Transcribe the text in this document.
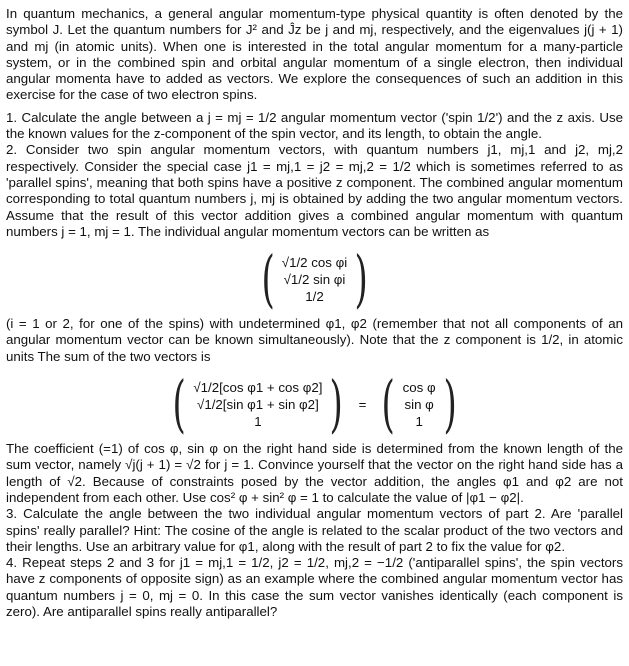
In quantum mechanics, a general angular momentum-type physical quantity is often denoted by the symbol J. Let the quantum numbers for J² and Ĵz be j and mj, respectively, and the eigenvalues j(j + 1) and mj (in atomic units). When one is interested in the total angular momentum for a many-particle system, or in the combined spin and orbital angular momentum of a single electron, then individual angular momenta have to added as vectors. We explore the consequences of such an addition in this exercise for the case of two electron spins.

1. Calculate the angle between a j = mj = 1/2 angular momentum vector ('spin 1/2') and the z axis. Use the known values for the z-component of the spin vector, and its length, to obtain the angle.

2. Consider two spin angular momentum vectors, with quantum numbers j1, mj,1 and j2, mj,2 respectively. Consider the special case j1 = mj,1 = j2 = mj,2 = 1/2 which is sometimes referred to as 'parallel spins', meaning that both spins have a positive z component. The combined angular momentum corresponding to total quantum numbers j, mj is obtained by adding the two angular momentum vectors. Assume that the result of this vector addition gives a combined angular momentum with quantum numbers j = 1, mj = 1. The individual angular momentum vectors can be written as

( √1/2 cos φi
√1/2 sin φi
1/2 )

(i = 1 or 2, for one of the spins) with undetermined φ1, φ2 (remember that not all components of an angular momentum vector can be known simultaneously). Note that the z component is 1/2, in atomic units The sum of the two vectors is

( √1/2[cos φ1 + cos φ2]
√1/2[sin φ1 + sin φ2]
1 ) = ( cos φ
sin φ
1 )

The coefficient (=1) of cos φ, sin φ on the right hand side is determined from the known length of the sum vector, namely √j(j + 1) = √2 for j = 1. Convince yourself that the vector on the right hand side has a length of √2. Because of constraints posed by the vector addition, the angles φ1 and φ2 are not independent from each other. Use cos² φ + sin² φ = 1 to calculate the value of |φ1 − φ2|.

3. Calculate the angle between the two individual angular momentum vectors of part 2. Are 'parallel spins' really parallel? Hint: The cosine of the angle is related to the scalar product of the two vectors and their lengths. Use an arbitrary value for φ1, along with the result of part 2 to fix the value for φ2.

4. Repeat steps 2 and 3 for j1 = mj,1 = 1/2, j2 = 1/2, mj,2 = −1/2 ('antiparallel spins', the spin vectors have z components of opposite sign) as an example where the combined angular momentum vector has quantum numbers j = 0, mj = 0. In this case the sum vector vanishes identically (each component is zero). Are antiparallel spins really antiparallel?
